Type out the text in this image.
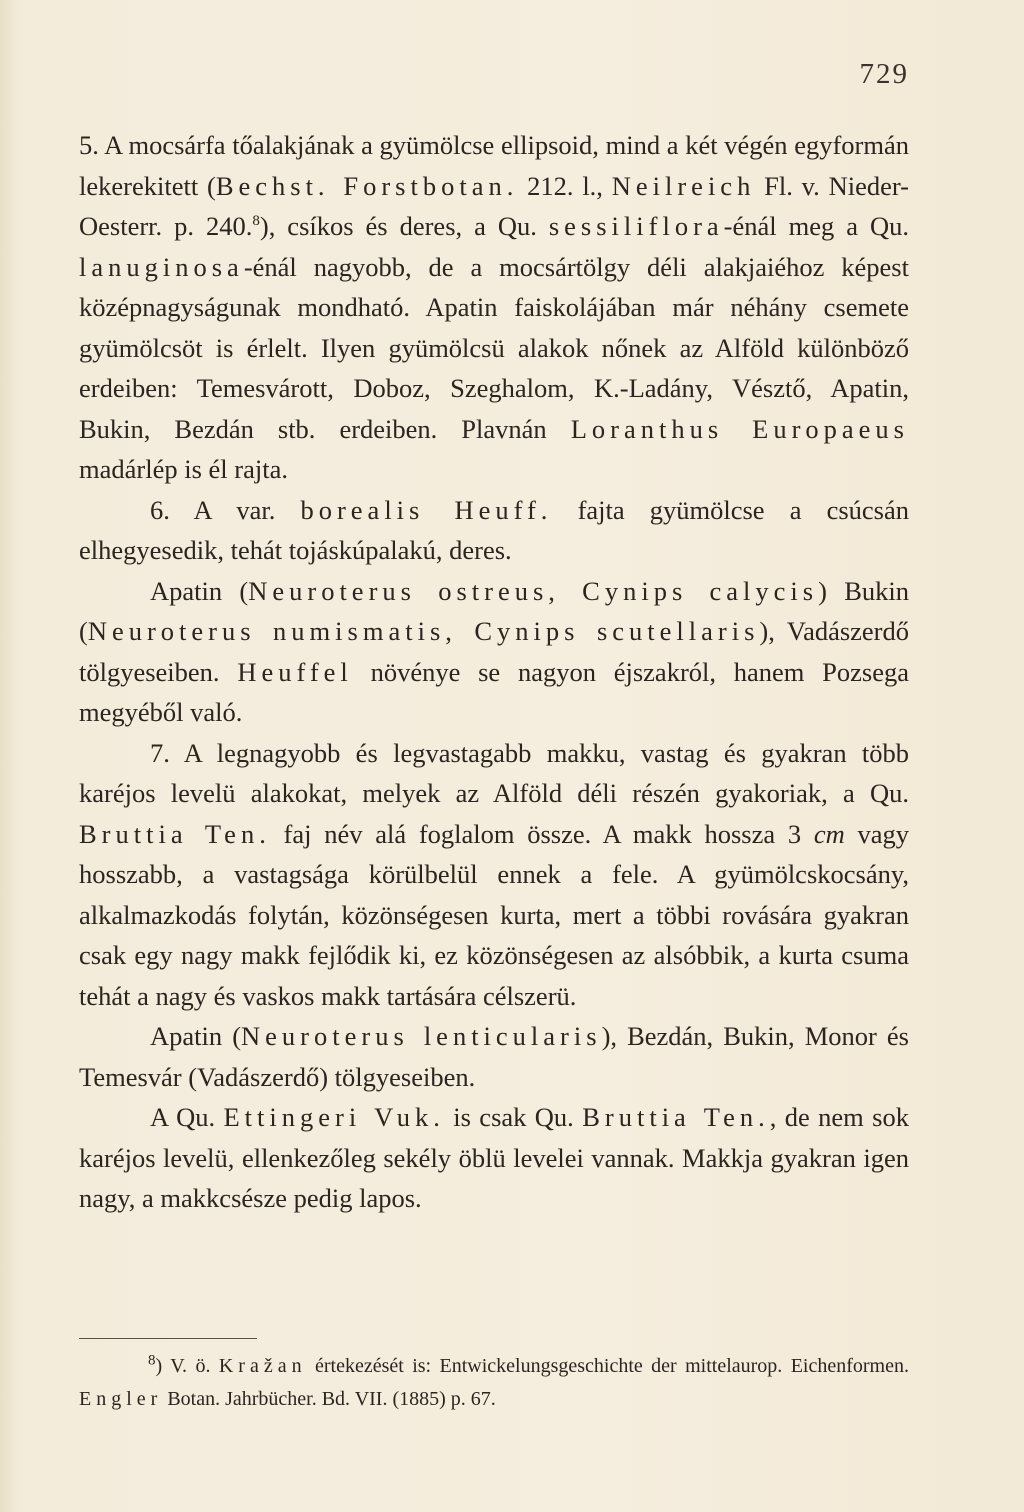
729

5. A mocsárfa tőalakjának a gyümölcse ellipsoid, mind a két végén egyformán lekerekitett (Bechst. Forstbotan. 212. l., Neilreich Fl. v. Nieder-Oesterr. p. 240.$^8$), csíkos és deres, a Qu. sessiliflora-énál meg a Qu. lanuginosa-énál nagyobb, de a mocsártölgy déli alakjaiéhoz képest középnagyságunak mondható. Apatin faiskolájában már néhány csemete gyümölcsöt is érlelt. Ilyen gyümölcsü alakok nőnek az Alföld különböző erdeiben: Temesvárott, Doboz, Szeghalom, K.-Ladány, Vésztő, Apatin, Bukin, Bezdán stb. erdeiben. Plavnán Loranthus Europaeus madárlép is él rajta.

6. A var. borealis Heuff. fajta gyümölcse a csúcsán elhegyesedik, tehát tojáskúpalakú, deres.

Apatin (Neuroterus ostreus, Cynips calycis) Bukin (Neuroterus numismatis, Cynips scutellaris), Vadászerdő tölgyeseiben. Heuffel növénye se nagyon éjszakról, hanem Pozsega megyéből való.

7. A legnagyobb és legvastagabb makku, vastag és gyakran több karéjos levelü alakokat, melyek az Alföld déli részén gyakoriak, a Qu. Bruttia Ten. faj név alá foglalom össze. A makk hossza 3 cm vagy hosszabb, a vastagsága körülbelül ennek a fele. A gyümölcskocsány, alkalmazkodás folytán, közönségesen kurta, mert a többi rovására gyakran csak egy nagy makk fejlődik ki, ez közönségesen az alsóbbik, a kurta csuma tehát a nagy és vaskos makk tartására célszerü.

Apatin (Neuroterus lenticularis), Bezdán, Bukin, Monor és Temesvár (Vadászerdő) tölgyeseiben.

A Qu. Ettingeri Vuk. is csak Qu. Bruttia Ten., de nem sok karéjos levelü, ellenkezőleg sekély öblü levelei vannak. Makkja gyakran igen nagy, a makkcsésze pedig lapos.

$^8$) V. ö. Kražan értekezését is: Entwickelungsgeschichte der mittelaurop. Eichenformen. Engler Botan. Jahrbücher. Bd. VII. (1885) p. 67.
